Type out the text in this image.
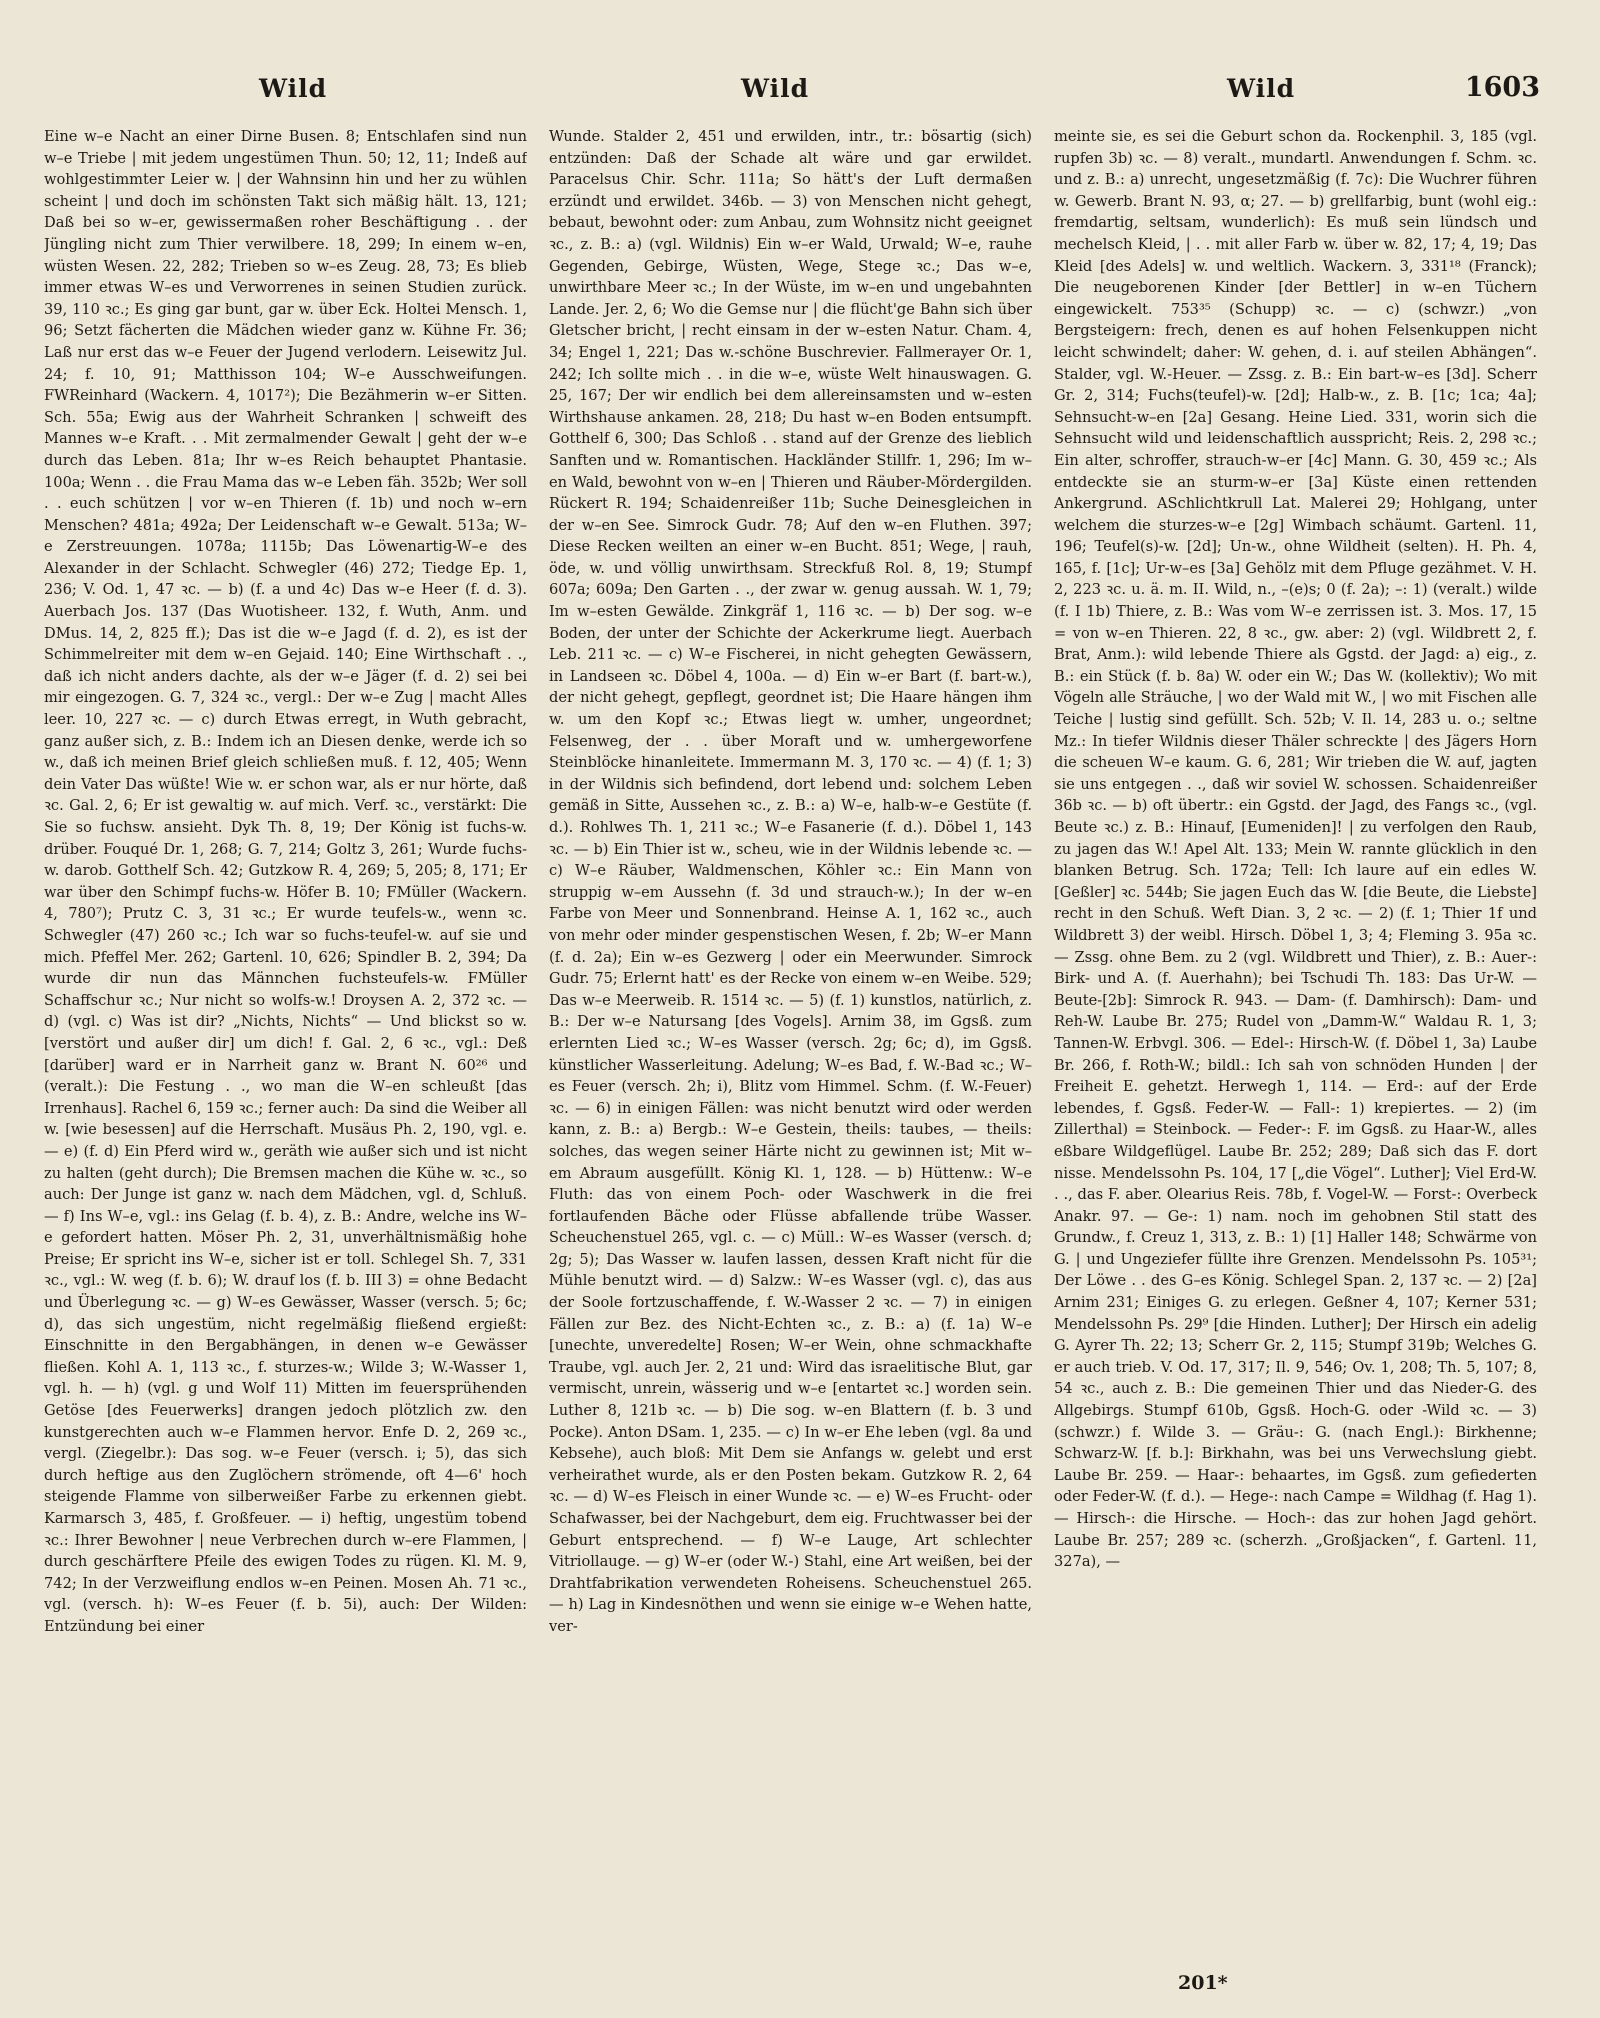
Wild	Wild	Wild	1603

Eine w–e Nacht an einer Dirne Busen. 8; Entschlafen sind nun w–e Triebe | mit jedem ungestümen Thun. 50; 12, 11; Indeß auf wohlgestimmter Leier w. | der Wahnsinn hin und her zu wühlen scheint | und doch im schönsten Takt sich mäßig hält. 13, 121; Daß bei so w–er, gewissermaßen roher Beschäftigung . . der Jüngling nicht zum Thier verwilbere. 18, 299; In einem w–en, wüsten Wesen. 22, 282; Trieben so w–es Zeug. 28, 73; Es blieb immer etwas W–es und Verworrenes in seinen Studien zurück. 39, 110 ꝛc.; Es ging gar bunt, gar w. über Eck. Holtei Mensch. 1, 96; Setzt fächerten die Mädchen wieder ganz w. Kühne Fr. 36; Laß nur erst das w–e Feuer der Jugend verlodern. Leisewitz Jul. 24; f. 10, 91; Matthisson 104; W–e Ausschweifungen. FWReinhard (Wackern. 4, 1017²); Die Bezähmerin w–er Sitten. Sch. 55a; Ewig aus der Wahrheit Schranken | schweift des Mannes w–e Kraft. . . Mit zermalmender Gewalt | geht der w–e durch das Leben. 81a; Ihr w–es Reich behauptet Phantasie. 100a; Wenn . . die Frau Mama das w–e Leben fäh. 352b; Wer soll . . euch schützen | vor w–en Thieren (f. 1b) und noch w–ern Menschen? 481a; 492a; Der Leidenschaft w–e Gewalt. 513a; W–e Zerstreuungen. 1078a; 1115b; Das Löwenartig-W–e des Alexander in der Schlacht. Schwegler (46) 272; Tiedge Ep. 1, 236; V. Od. 1, 47 ꝛc. — b) (f. a und 4c) Das w–e Heer (f. d. 3). Auerbach Jos. 137 (Das Wuotisheer. 132, f. Wuth, Anm. und DMus. 14, 2, 825 ff.); Das ist die w–e Jagd (f. d. 2), es ist der Schimmelreiter mit dem w–en Gejaid. 140; Eine Wirthschaft . ., daß ich nicht anders dachte, als der w–e Jäger (f. d. 2) sei bei mir eingezogen. G. 7, 324 ꝛc., vergl.: Der w–e Zug | macht Alles leer. 10, 227 ꝛc. — c) durch Etwas erregt, in Wuth gebracht, ganz außer sich, z. B.: Indem ich an Diesen denke, werde ich so w., daß ich meinen Brief gleich schließen muß. f. 12, 405; Wenn dein Vater Das wüßte! Wie w. er schon war, als er nur hörte, daß ꝛc. Gal. 2, 6; Er ist gewaltig w. auf mich. Verf. ꝛc., verstärkt: Die Sie so fuchsw. ansieht. Dyk Th. 8, 19; Der König ist fuchs-w. drüber. Fouqué Dr. 1, 268; G. 7, 214; Goltz 3, 261; Wurde fuchs-w. darob. Gotthelf Sch. 42; Gutzkow R. 4, 269; 5, 205; 8, 171; Er war über den Schimpf fuchs-w. Höfer B. 10; FMüller (Wackern. 4, 780⁷); Prutz C. 3, 31 ꝛc.; Er wurde teufels-w., wenn ꝛc. Schwegler (47) 260 ꝛc.; Ich war so fuchs-teufel-w. auf sie und mich. Pfeffel Mer. 262; Gartenl. 10, 626; Spindler B. 2, 394; Da wurde dir nun das Männchen fuchsteufels-w. FMüller Schaffschur ꝛc.; Nur nicht so wolfs-w.! Droysen A. 2, 372 ꝛc. — d) (vgl. c) Was ist dir? „Nichts, Nichts“ — Und blickst so w. [verstört und außer dir] um dich! f. Gal. 2, 6 ꝛc., vgl.: Deß [darüber] ward er in Narrheit ganz w. Brant N. 60²⁶ und (veralt.): Die Festung . ., wo man die W–en schleußt [das Irrenhaus]. Rachel 6, 159 ꝛc.; ferner auch: Da sind die Weiber all w. [wie besessen] auf die Herrschaft. Musäus Ph. 2, 190, vgl. e. — e) (f. d) Ein Pferd wird w., geräth wie außer sich und ist nicht zu halten (geht durch); Die Bremsen machen die Kühe w. ꝛc., so auch: Der Junge ist ganz w. nach dem Mädchen, vgl. d, Schluß. — f) Ins W–e, vgl.: ins Gelag (f. b. 4), z. B.: Andre, welche ins W–e gefordert hatten. Möser Ph. 2, 31, unverhältnismäßig hohe Preise; Er spricht ins W–e, sicher ist er toll. Schlegel Sh. 7, 331 ꝛc., vgl.: W. weg (f. b. 6); W. drauf los (f. b. III 3) = ohne Bedacht und Überlegung ꝛc. — g) W–es Gewässer, Wasser (versch. 5; 6c; d), das sich ungestüm, nicht regelmäßig fließend ergießt: Einschnitte in den Bergabhängen, in denen w–e Gewässer fließen. Kohl A. 1, 113 ꝛc., f. sturzes-w.; Wilde 3; W.-Wasser 1, vgl. h. — h) (vgl. g und Wolf 11) Mitten im feuersprühenden Getöse [des Feuerwerks] drangen jedoch plötzlich zw. den kunstgerechten auch w–e Flammen hervor. Enfe D. 2, 269 ꝛc., vergl. (Ziegelbr.): Das sog. w–e Feuer (versch. i; 5), das sich durch heftige aus den Zuglöchern strömende, oft 4—6' hoch steigende Flamme von silberweißer Farbe zu erkennen giebt. Karmarsch 3, 485, f. Großfeuer. — i) heftig, ungestüm tobend ꝛc.: Ihrer Bewohner | neue Verbrechen durch w–ere Flammen, | durch geschärftere Pfeile des ewigen Todes zu rügen. Kl. M. 9, 742; In der Verzweiflung endlos w–en Peinen. Mosen Ah. 71 ꝛc., vgl. (versch. h): W–es Feuer (f. b. 5i), auch: Der Wilden: Entzündung bei einer

Wunde. Stalder 2, 451 und erwilden, intr., tr.: bösartig (sich) entzünden: Daß der Schade alt wäre und gar erwildet. Paracelsus Chir. Schr. 111a; So hätt's der Luft dermaßen erzündt und erwildet. 346b. — 3) von Menschen nicht gehegt, bebaut, bewohnt oder: zum Anbau, zum Wohnsitz nicht geeignet ꝛc., z. B.: a) (vgl. Wildnis) Ein w–er Wald, Urwald; W–e, rauhe Gegenden, Gebirge, Wüsten, Wege, Stege ꝛc.; Das w–e, unwirthbare Meer ꝛc.; In der Wüste, im w–en und ungebahnten Lande. Jer. 2, 6; Wo die Gemse nur | die flücht'ge Bahn sich über Gletscher bricht, | recht einsam in der w–esten Natur. Cham. 4, 34; Engel 1, 221; Das w.-schöne Buschrevier. Fallmerayer Or. 1, 242; Ich sollte mich . . in die w–e, wüste Welt hinauswagen. G. 25, 167; Der wir endlich bei dem allereinsamsten und w–esten Wirthshause ankamen. 28, 218; Du hast w–en Boden entsumpft. Gotthelf 6, 300; Das Schloß . . stand auf der Grenze des lieblich Sanften und w. Romantischen. Hackländer Stillfr. 1, 296; Im w–en Wald, bewohnt von w–en | Thieren und Räuber-Mördergilden. Rückert R. 194; Schaidenreißer 11b; Suche Deinesgleichen in der w–en See. Simrock Gudr. 78; Auf den w–en Fluthen. 397; Diese Recken weilten an einer w–en Bucht. 851; Wege, | rauh, öde, w. und völlig unwirthsam. Streckfuß Rol. 8, 19; Stumpf 607a; 609a; Den Garten . ., der zwar w. genug aussah. W. 1, 79; Im w–esten Gewälde. Zinkgräf 1, 116 ꝛc. — b) Der sog. w–e Boden, der unter der Schichte der Ackerkrume liegt. Auerbach Leb. 211 ꝛc. — c) W–e Fischerei, in nicht gehegten Gewässern, in Landseen ꝛc. Döbel 4, 100a. — d) Ein w–er Bart (f. bart-w.), der nicht gehegt, gepflegt, geordnet ist; Die Haare hängen ihm w. um den Kopf ꝛc.; Etwas liegt w. umher, ungeordnet; Felsenweg, der . . über Moraft und w. umhergeworfene Steinblöcke hinanleitete. Immermann M. 3, 170 ꝛc. — 4) (f. 1; 3) in der Wildnis sich befindend, dort lebend und: solchem Leben gemäß in Sitte, Aussehen ꝛc., z. B.: a) W–e, halb-w–e Gestüte (f. d.). Rohlwes Th. 1, 211 ꝛc.; W–e Fasanerie (f. d.). Döbel 1, 143 ꝛc. — b) Ein Thier ist w., scheu, wie in der Wildnis lebende ꝛc. — c) W–e Räuber, Waldmenschen, Köhler ꝛc.: Ein Mann von struppig w–em Aussehn (f. 3d und strauch-w.); In der w–en Farbe von Meer und Sonnenbrand. Heinse A. 1, 162 ꝛc., auch von mehr oder minder gespenstischen Wesen, f. 2b; W–er Mann (f. d. 2a); Ein w–es Gezwerg | oder ein Meerwunder. Simrock Gudr. 75; Erlernt hatt' es der Recke von einem w–en Weibe. 529; Das w–e Meerweib. R. 1514 ꝛc. — 5) (f. 1) kunstlos, natürlich, z. B.: Der w–e Natursang [des Vogels]. Arnim 38, im Ggsß. zum erlernten Lied ꝛc.; W–es Wasser (versch. 2g; 6c; d), im Ggsß. künstlicher Wasserleitung. Adelung; W–es Bad, f. W.-Bad ꝛc.; W–es Feuer (versch. 2h; i), Blitz vom Himmel. Schm. (f. W.-Feuer) ꝛc. — 6) in einigen Fällen: was nicht benutzt wird oder werden kann, z. B.: a) Bergb.: W–e Gestein, theils: taubes, — theils: solches, das wegen seiner Härte nicht zu gewinnen ist; Mit w–em Abraum ausgefüllt. König Kl. 1, 128. — b) Hüttenw.: W–e Fluth: das von einem Poch- oder Waschwerk in die frei fortlaufenden Bäche oder Flüsse abfallende trübe Wasser. Scheuchenstuel 265, vgl. c. — c) Müll.: W–es Wasser (versch. d; 2g; 5); Das Wasser w. laufen lassen, dessen Kraft nicht für die Mühle benutzt wird. — d) Salzw.: W–es Wasser (vgl. c), das aus der Soole fortzuschaffende, f. W.-Wasser 2 ꝛc. — 7) in einigen Fällen zur Bez. des Nicht-Echten ꝛc., z. B.: a) (f. 1a) W–e [unechte, unveredelte] Rosen; W–er Wein, ohne schmackhafte Traube, vgl. auch Jer. 2, 21 und: Wird das israelitische Blut, gar vermischt, unrein, wässerig und w–e [entartet ꝛc.] worden sein. Luther 8, 121b ꝛc. — b) Die sog. w–en Blattern (f. b. 3 und Pocke). Anton DSam. 1, 235. — c) In w–er Ehe leben (vgl. 8a und Kebsehe), auch bloß: Mit Dem sie Anfangs w. gelebt und erst verheirathet wurde, als er den Posten bekam. Gutzkow R. 2, 64 ꝛc. — d) W–es Fleisch in einer Wunde ꝛc. — e) W–es Frucht- oder Schafwasser, bei der Nachgeburt, dem eig. Fruchtwasser bei der Geburt entsprechend. — f) W–e Lauge, Art schlechter Vitriollauge. — g) W–er (oder W.-) Stahl, eine Art weißen, bei der Drahtfabrikation verwendeten Roheisens. Scheuchenstuel 265. — h) Lag in Kindesnöthen und wenn sie einige w–e Wehen hatte, ver-

meinte sie, es sei die Geburt schon da. Rockenphil. 3, 185 (vgl. rupfen 3b) ꝛc. — 8) veralt., mundartl. Anwendungen f. Schm. ꝛc. und z. B.: a) unrecht, ungesetzmäßig (f. 7c): Die Wuchrer führen w. Gewerb. Brant N. 93, α; 27. — b) grellfarbig, bunt (wohl eig.: fremdartig, seltsam, wunderlich): Es muß sein lündsch und mechelsch Kleid, | . . mit aller Farb w. über w. 82, 17; 4, 19; Das Kleid [des Adels] w. und weltlich. Wackern. 3, 331¹⁸ (Franck); Die neugeborenen Kinder [der Bettler] in w–en Tüchern eingewickelt. 753³⁵ (Schupp) ꝛc. — c) (schwzr.) „von Bergsteigern: frech, denen es auf hohen Felsenkuppen nicht leicht schwindelt; daher: W. gehen, d. i. auf steilen Abhängen“. Stalder, vgl. W.-Heuer. — Zssg. z. B.: Ein bart-w–es [3d]. Scherr Gr. 2, 314; Fuchs(teufel)-w. [2d]; Halb-w., z. B. [1c; 1ca; 4a]; Sehnsucht-w–en [2a] Gesang. Heine Lied. 331, worin sich die Sehnsucht wild und leidenschaftlich ausspricht; Reis. 2, 298 ꝛc.; Ein alter, schroffer, strauch-w–er [4c] Mann. G. 30, 459 ꝛc.; Als entdeckte sie an sturm-w–er [3a] Küste einen rettenden Ankergrund. ASchlichtkrull Lat. Malerei 29; Hohlgang, unter welchem die sturzes-w–e [2g] Wimbach schäumt. Gartenl. 11, 196; Teufel(s)-w. [2d]; Un-w., ohne Wildheit (selten). H. Ph. 4, 165, f. [1c]; Ur-w–es [3a] Gehölz mit dem Pfluge gezähmet. V. H. 2, 223 ꝛc. u. ä. m. II. Wild, n., –(e)s; 0 (f. 2a); –: 1) (veralt.) wilde (f. I 1b) Thiere, z. B.: Was vom W–e zerrissen ist. 3. Mos. 17, 15 = von w–en Thieren. 22, 8 ꝛc., gw. aber: 2) (vgl. Wildbrett 2, f. Brat, Anm.): wild lebende Thiere als Ggstd. der Jagd: a) eig., z. B.: ein Stück (f. b. 8a) W. oder ein W.; Das W. (kollektiv); Wo mit Vögeln alle Sträuche, | wo der Wald mit W., | wo mit Fischen alle Teiche | lustig sind gefüllt. Sch. 52b; V. Il. 14, 283 u. o.; seltne Mz.: In tiefer Wildnis dieser Thäler schreckte | des Jägers Horn die scheuen W–e kaum. G. 6, 281; Wir trieben die W. auf, jagten sie uns entgegen . ., daß wir soviel W. schossen. Schaidenreißer 36b ꝛc. — b) oft übertr.: ein Ggstd. der Jagd, des Fangs ꝛc., (vgl. Beute ꝛc.) z. B.: Hinauf, [Eumeniden]! | zu verfolgen den Raub, zu jagen das W.! Apel Alt. 133; Mein W. rannte glücklich in den blanken Betrug. Sch. 172a; Tell: Ich laure auf ein edles W. [Geßler] ꝛc. 544b; Sie jagen Euch das W. [die Beute, die Liebste] recht in den Schuß. Weft Dian. 3, 2 ꝛc. — 2) (f. 1; Thier 1f und Wildbrett 3) der weibl. Hirsch. Döbel 1, 3; 4; Fleming 3. 95a ꝛc. — Zssg. ohne Bem. zu 2 (vgl. Wildbrett und Thier), z. B.: Auer-: Birk- und A. (f. Auerhahn); bei Tschudi Th. 183: Das Ur-W. — Beute-[2b]: Simrock R. 943. — Dam- (f. Damhirsch): Dam- und Reh-W. Laube Br. 275; Rudel von „Damm-W.“ Waldau R. 1, 3; Tannen-W. Erbvgl. 306. — Edel-: Hirsch-W. (f. Döbel 1, 3a) Laube Br. 266, f. Roth-W.; bildl.: Ich sah von schnöden Hunden | der Freiheit E. gehetzt. Herwegh 1, 114. — Erd-: auf der Erde lebendes, f. Ggsß. Feder-W. — Fall-: 1) krepiertes. — 2) (im Zillerthal) = Steinbock. — Feder-: F. im Ggsß. zu Haar-W., alles eßbare Wildgeflügel. Laube Br. 252; 289; Daß sich das F. dort nisse. Mendelssohn Ps. 104, 17 [„die Vögel“. Luther]; Viel Erd-W. . ., das F. aber. Olearius Reis. 78b, f. Vogel-W. — Forst-: Overbeck Anakr. 97. — Ge-: 1) nam. noch im gehobnen Stil statt des Grundw., f. Creuz 1, 313, z. B.: 1) [1] Haller 148; Schwärme von G. | und Ungeziefer füllte ihre Grenzen. Mendelssohn Ps. 105³¹; Der Löwe . . des G–es König. Schlegel Span. 2, 137 ꝛc. — 2) [2a] Arnim 231; Einiges G. zu erlegen. Geßner 4, 107; Kerner 531; Mendelssohn Ps. 29⁹ [die Hinden. Luther]; Der Hirsch ein adelig G. Ayrer Th. 22; 13; Scherr Gr. 2, 115; Stumpf 319b; Welches G. er auch trieb. V. Od. 17, 317; Il. 9, 546; Ov. 1, 208; Th. 5, 107; 8, 54 ꝛc., auch z. B.: Die gemeinen Thier und das Nieder-G. des Allgebirgs. Stumpf 610b, Ggsß. Hoch-G. oder -Wild ꝛc. — 3) (schwzr.) f. Wilde 3. — Gräu-: G. (nach Engl.): Birkhenne; Schwarz-W. [f. b.]: Birkhahn, was bei uns Verwechslung giebt. Laube Br. 259. — Haar-: behaartes, im Ggsß. zum gefiederten oder Feder-W. (f. d.). — Hege-: nach Campe = Wildhag (f. Hag 1). — Hirsch-: die Hirsche. — Hoch-: das zur hohen Jagd gehört. Laube Br. 257; 289 ꝛc. (scherzh. „Großjacken“, f. Gartenl. 11, 327a), —

201*
